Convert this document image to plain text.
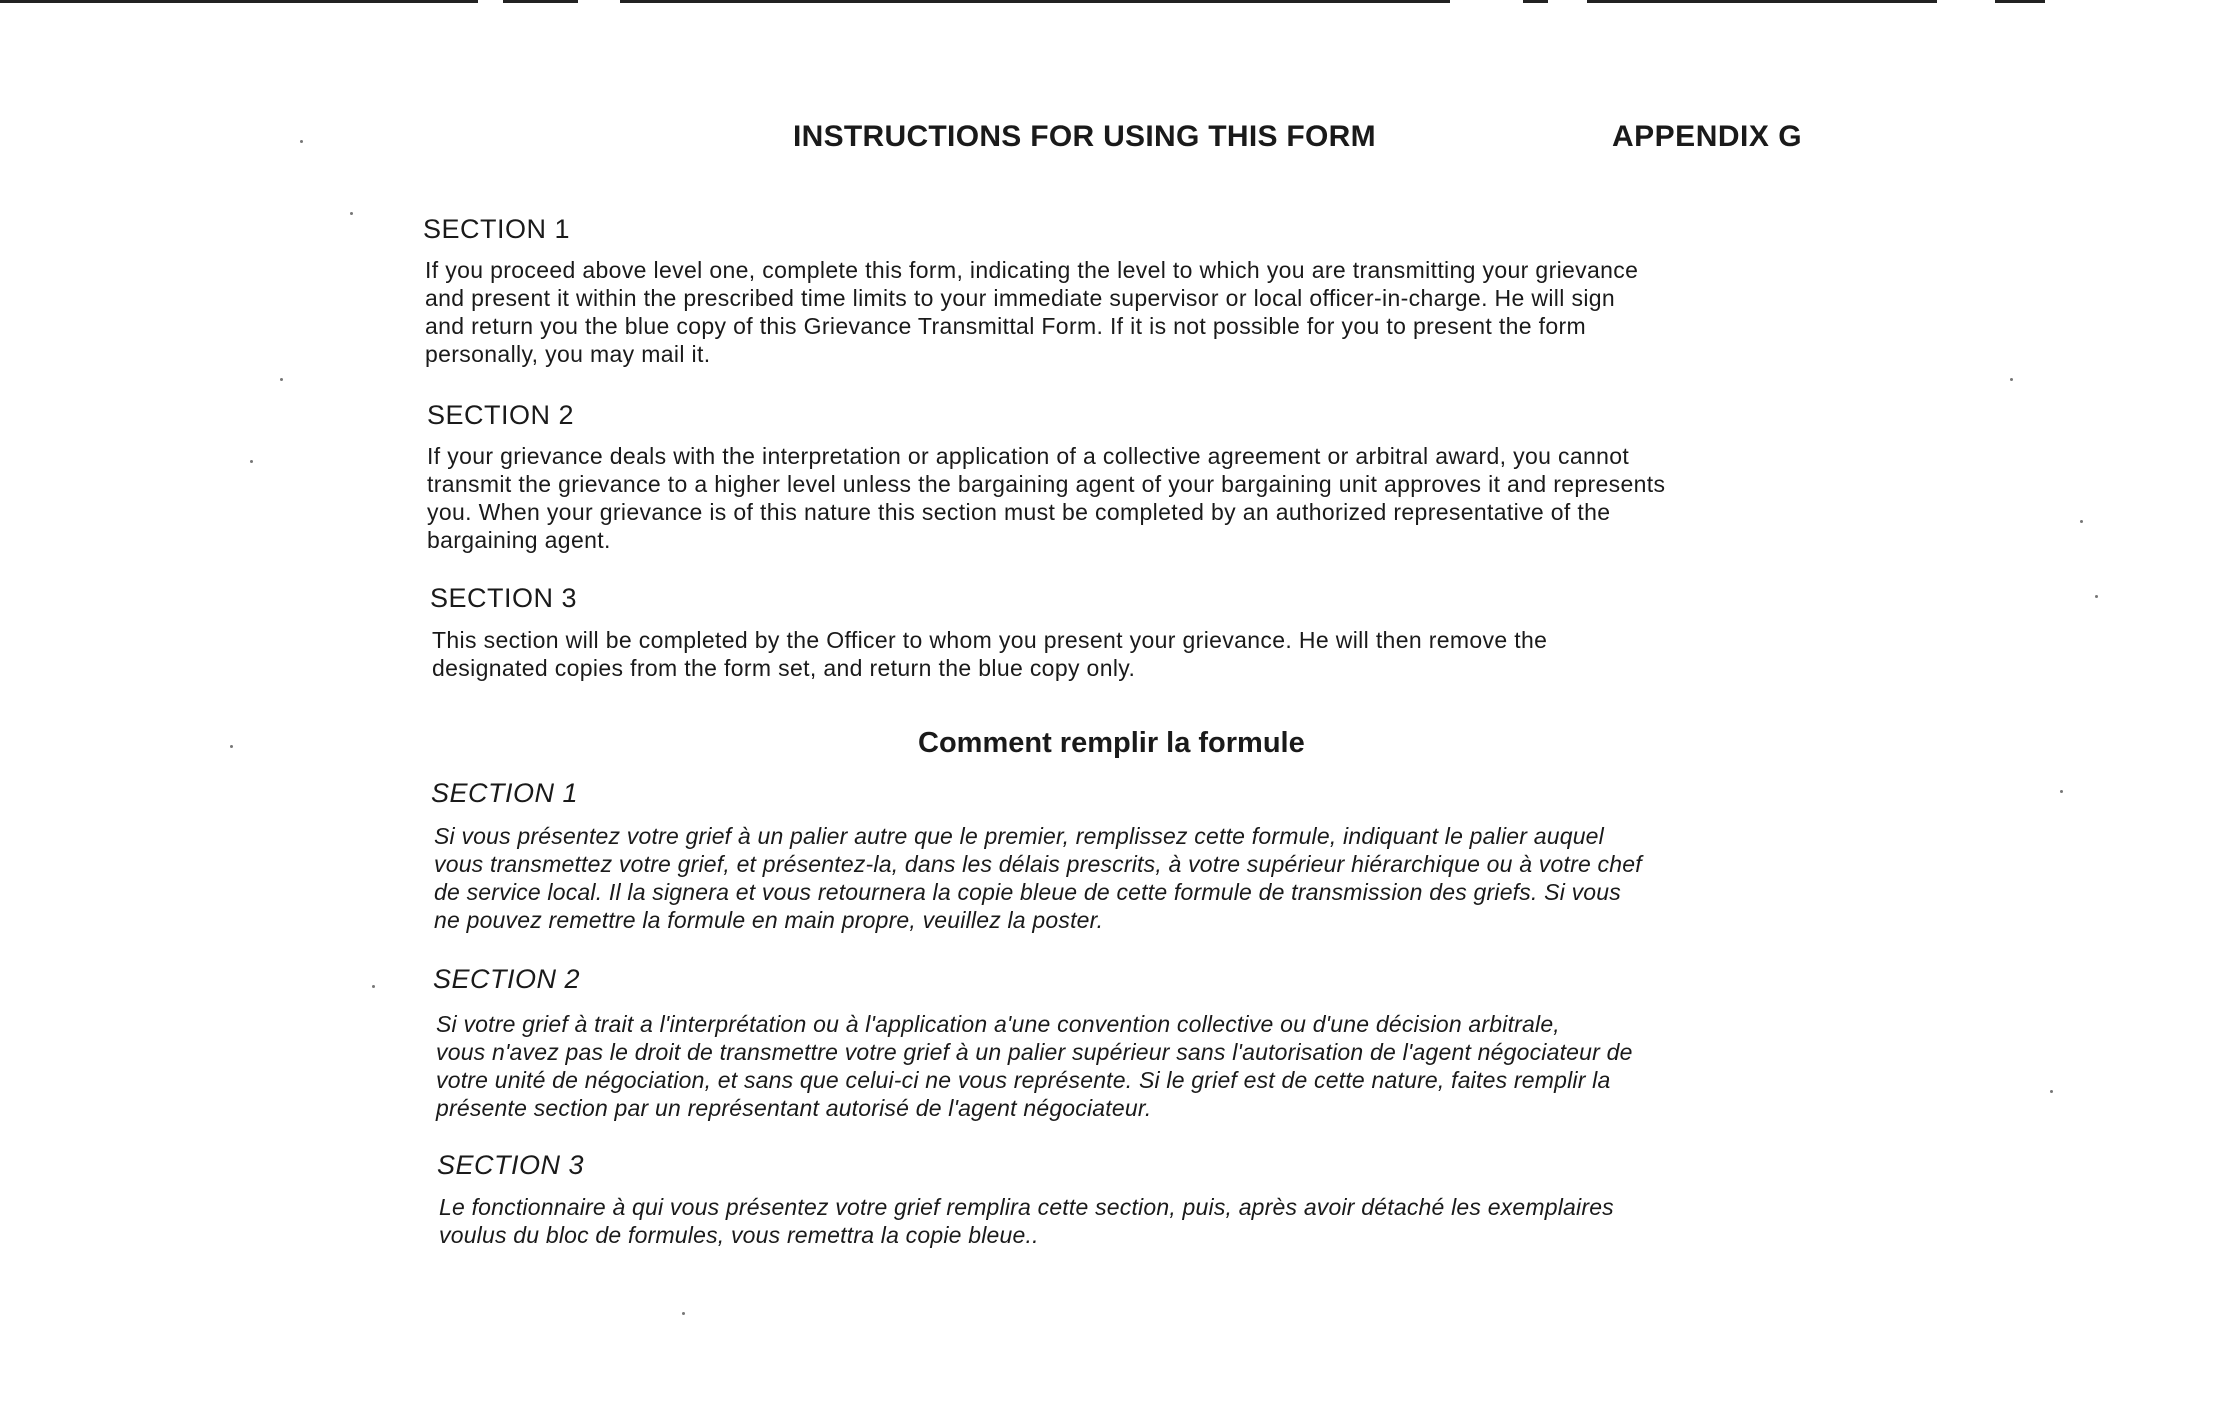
INSTRUCTIONS FOR USING THIS FORM	APPENDIX G
SECTION 1
If you proceed above level one, complete this form, indicating the level to which you are transmitting your grievance
and present it within the prescribed time limits to your immediate supervisor or local officer-in-charge. He will sign
and return you the blue copy of this Grievance Transmittal Form. If it is not possible for you to present the form
personally, you may mail it.
SECTION 2
If your grievance deals with the interpretation or application of a collective agreement or arbitral award, you cannot
transmit the grievance to a higher level unless the bargaining agent of your bargaining unit approves it and represents
you. When your grievance is of this nature this section must be completed by an authorized representative of the
bargaining agent.
SECTION 3
This section will be completed by the Officer to whom you present your grievance. He will then remove the
designated copies from the form set, and return the blue copy only.
Comment remplir la formule
SECTION 1
Si vous présentez votre grief à un palier autre que le premier, remplissez cette formule, indiquant le palier auquel
vous transmettez votre grief, et présentez-la, dans les délais prescrits, à votre supérieur hiérarchique ou à votre chef
de service local. Il la signera et vous retournera la copie bleue de cette formule de transmission des griefs. Si vous
ne pouvez remettre la formule en main propre, veuillez la poster.
SECTION 2
Si votre grief à trait a l'interprétation ou à l'application a'une convention collective ou d'une décision arbitrale,
vous n'avez pas le droit de transmettre votre grief à un palier supérieur sans l'autorisation de l'agent négociateur de
votre unité de négociation, et sans que celui-ci ne vous représente. Si le grief est de cette nature, faites remplir la
présente section par un représentant autorisé de l'agent négociateur.
SECTION 3
Le fonctionnaire à qui vous présentez votre grief remplira cette section, puis, après avoir détaché les exemplaires
voulus du bloc de formules, vous remettra la copie bleue..
